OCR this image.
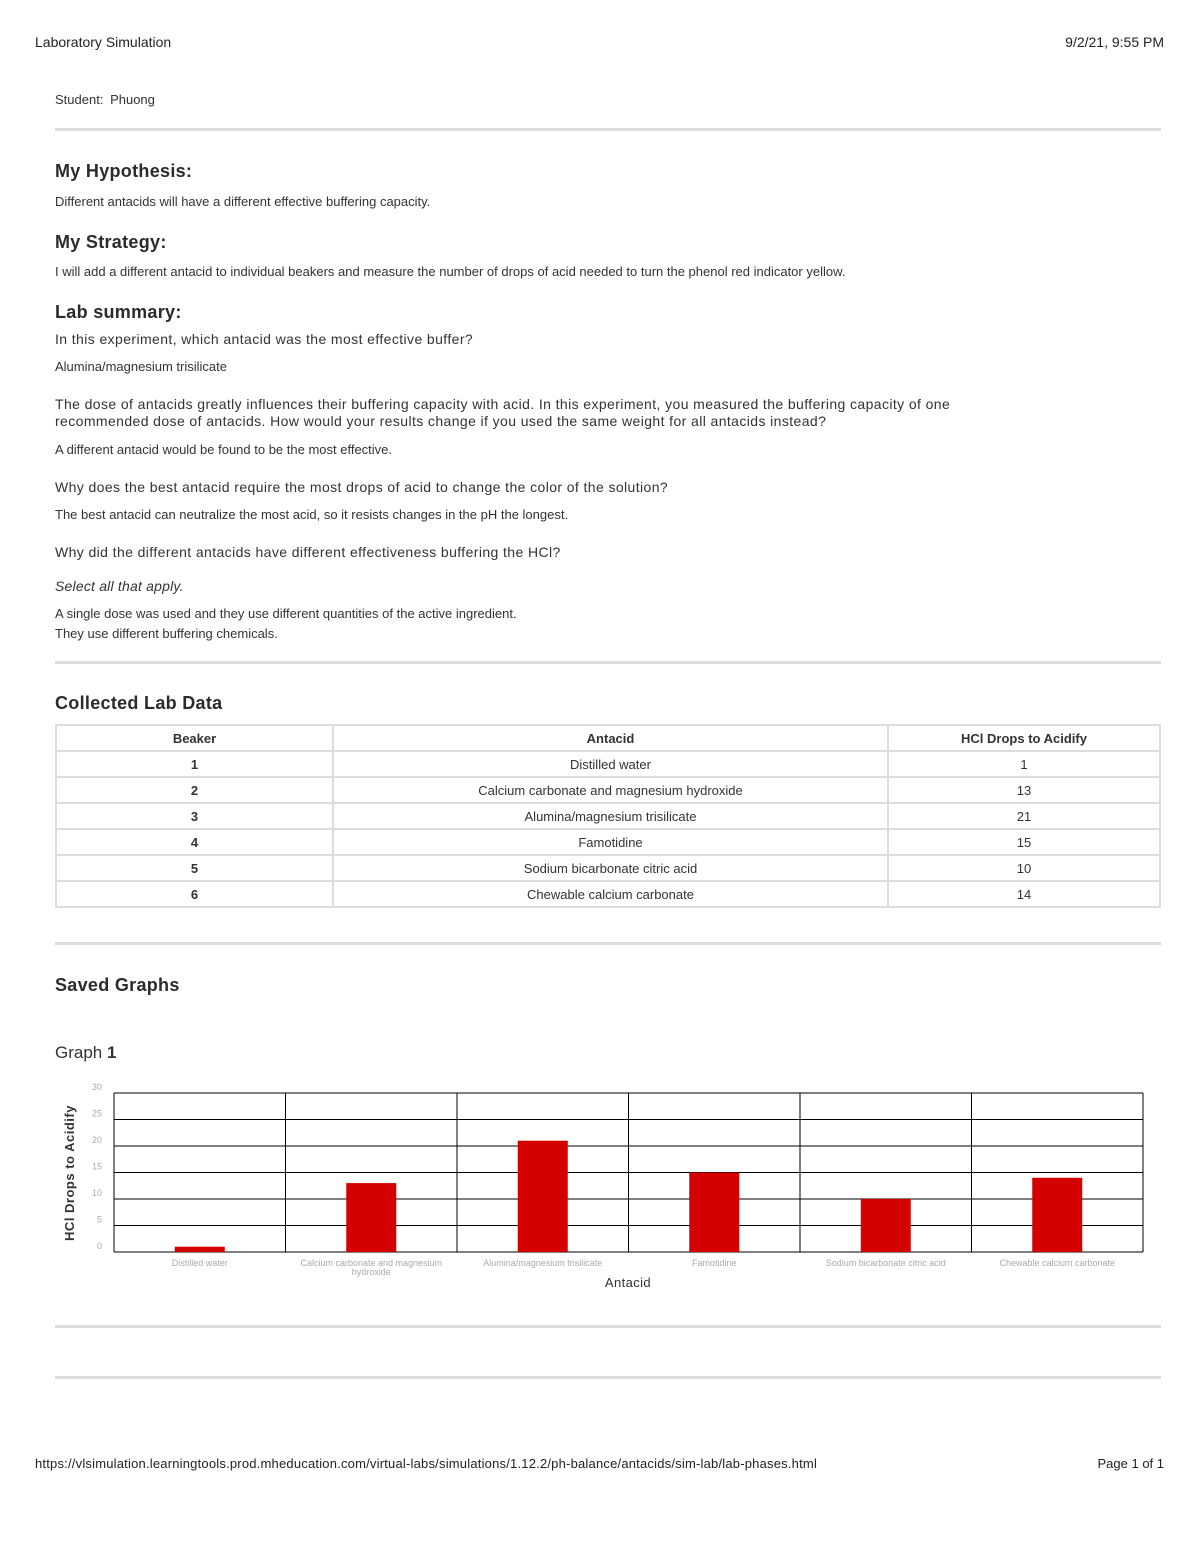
Laboratory Simulation	9/2/21, 9:55 PM
Student: Phuong
My Hypothesis:
Different antacids will have a different effective buffering capacity.
My Strategy:
I will add a different antacid to individual beakers and measure the number of drops of acid needed to turn the phenol red indicator yellow.
Lab summary:
In this experiment, which antacid was the most effective buffer?
Alumina/magnesium trisilicate
The dose of antacids greatly influences their buffering capacity with acid. In this experiment, you measured the buffering capacity of one
recommended dose of antacids. How would your results change if you used the same weight for all antacids instead?
A different antacid would be found to be the most effective.
Why does the best antacid require the most drops of acid to change the color of the solution?
The best antacid can neutralize the most acid, so it resists changes in the pH the longest.
Why did the different antacids have different effectiveness buffering the HCl?
Select all that apply.
A single dose was used and they use different quantities of the active ingredient.
They use different buffering chemicals.
Collected Lab Data
Beaker	Antacid	HCl Drops to Acidify
1	Distilled water	1
2	Calcium carbonate and magnesium hydroxide	13
3	Alumina/magnesium trisilicate	21
4	Famotidine	15
5	Sodium bicarbonate citric acid	10
6	Chewable calcium carbonate	14
Saved Graphs
Graph 1
0
5
10
15
20
25
30
Distilled water	Calcium carbonate and magnesium
hydroxide
Alumina/magnesium trisilicate	Famotidine	Sodium bicarbonate citric acid	Chewable calcium carbonate
HCl Drops to Acidify
Antacid
https://vlsimulation.learningtools.prod.mheducation.com/virtual-labs/simulations/1.12.2/ph-balance/antacids/sim-lab/lab-phases.html	Page 1 of 1
